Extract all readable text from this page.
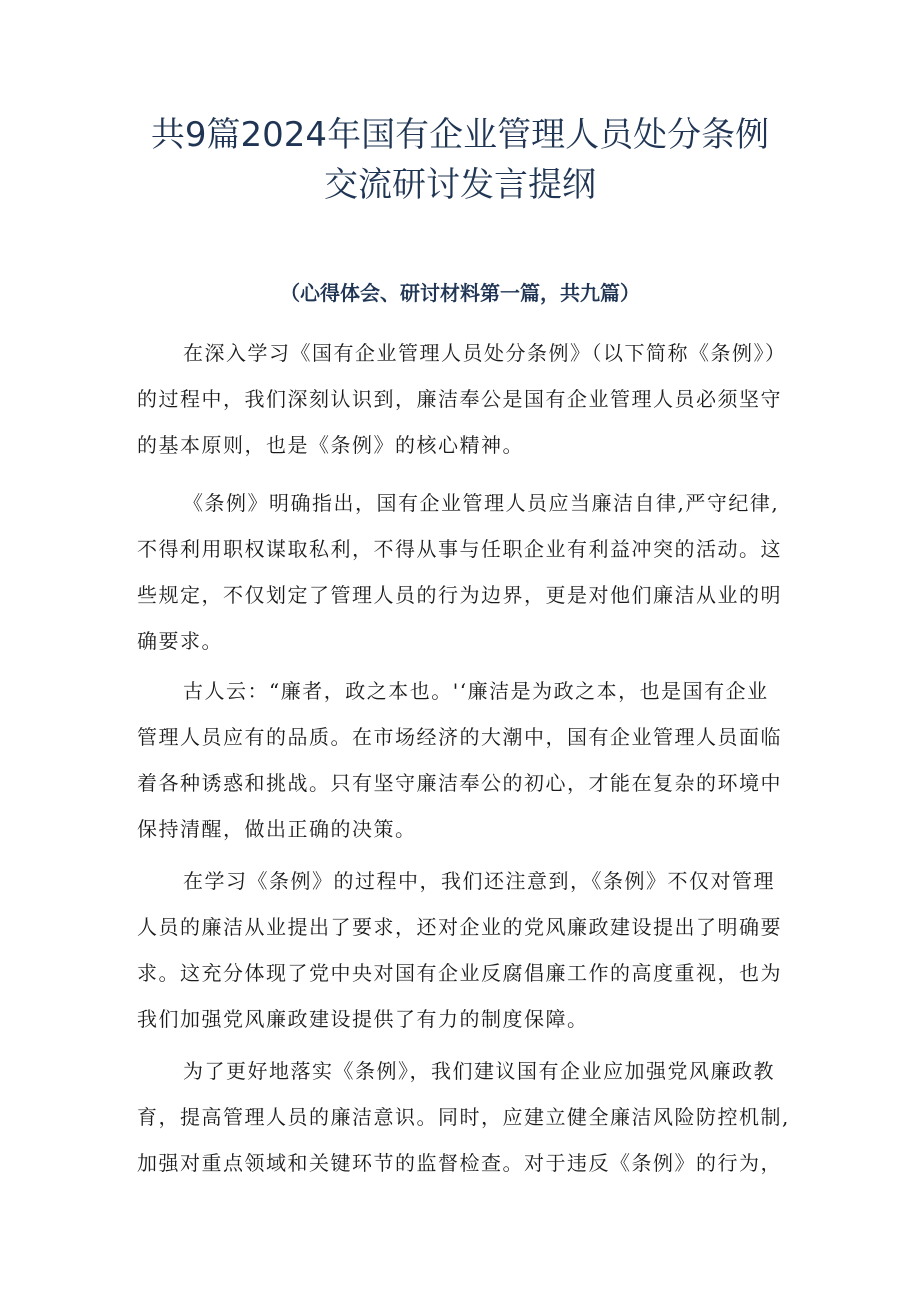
共9篇2024年国有企业管理人员处分条例
交流研讨发言提纲
（心得体会、研讨材料第一篇，共九篇）
在深入学习《国有企业管理人员处分条例》（以下简称《条例》）
的过程中，我们深刻认识到，廉洁奉公是国有企业管理人员必须坚守
的基本原则，也是《条例》的核心精神。
《条例》明确指出，国有企业管理人员应当廉洁自律,严守纪律,
不得利用职权谋取私利，不得从事与任职企业有利益冲突的活动。这
些规定，不仅划定了管理人员的行为边界，更是对他们廉洁从业的明
确要求。
古人云：“廉者，政之本也。'‘廉洁是为政之本，也是国有企业
管理人员应有的品质。在市场经济的大潮中，国有企业管理人员面临
着各种诱惑和挑战。只有坚守廉洁奉公的初心，才能在复杂的环境中
保持清醒，做出正确的决策。
在学习《条例》的过程中，我们还注意到，《条例》不仅对管理
人员的廉洁从业提出了要求，还对企业的党风廉政建设提出了明确要
求。这充分体现了党中央对国有企业反腐倡廉工作的高度重视，也为
我们加强党风廉政建设提供了有力的制度保障。
为了更好地落实《条例》，我们建议国有企业应加强党风廉政教
育，提高管理人员的廉洁意识。同时，应建立健全廉洁风险防控机制,
加强对重点领域和关键环节的监督检查。对于违反《条例》的行为，
